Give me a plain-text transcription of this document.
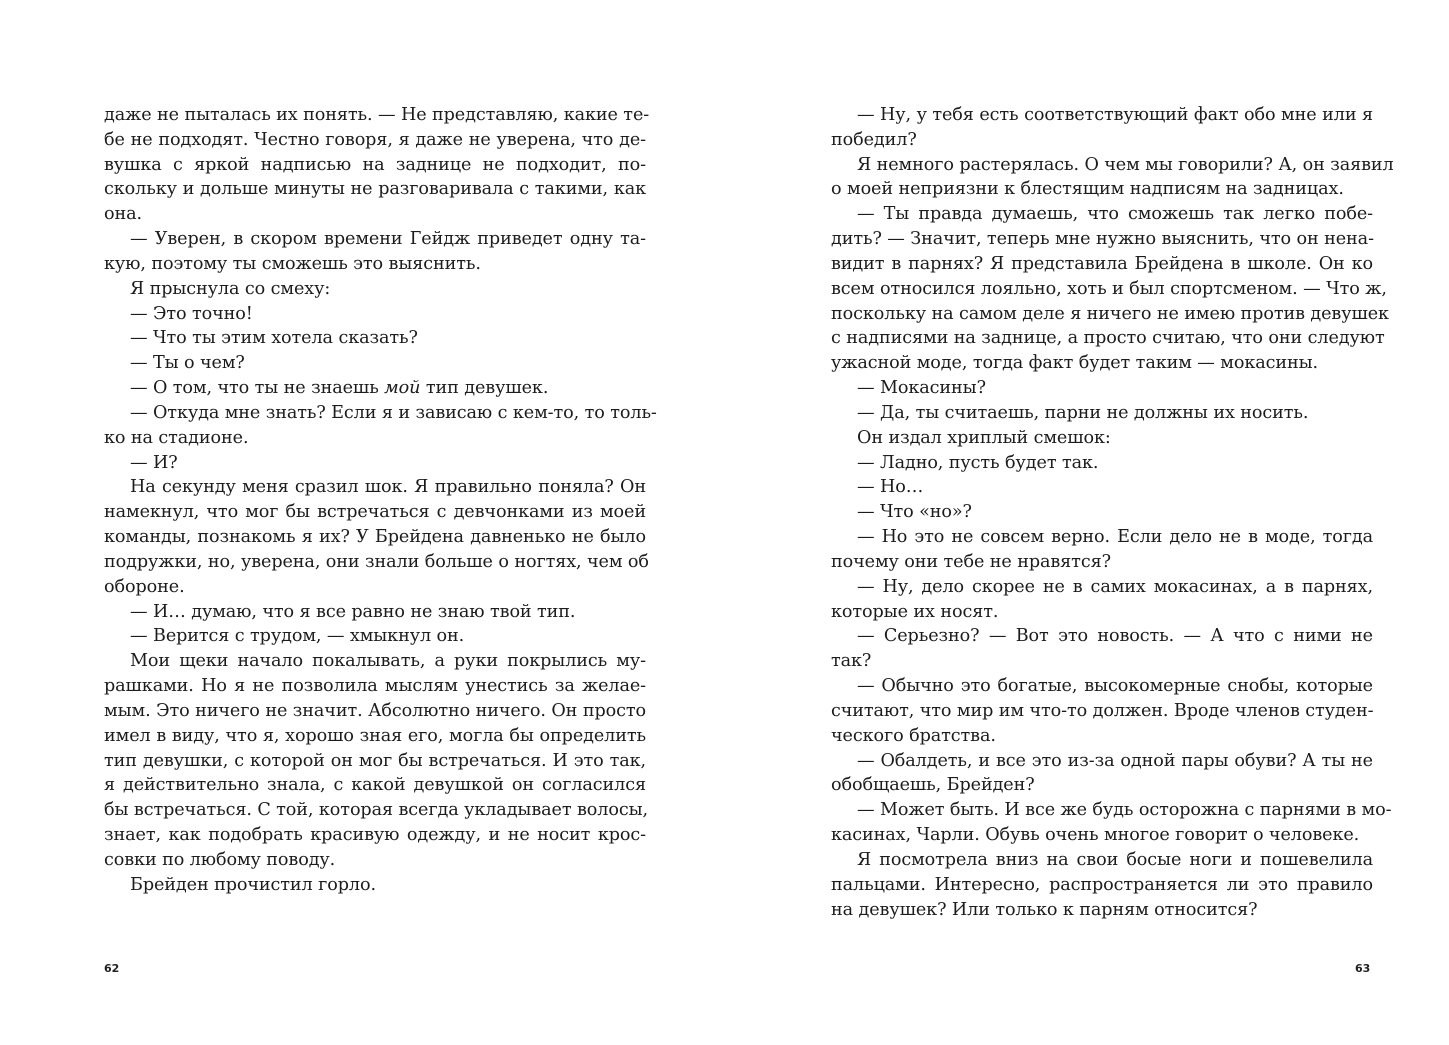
даже не пыталась их понять. — Не представляю, какие те-
бе не подходят. Честно говоря, я даже не уверена, что де-
вушка с яркой надписью на заднице не подходит, по-
скольку и дольше минуты не разговаривала с такими, как
она.
— Уверен, в скором времени Гейдж приведет одну та-
кую, поэтому ты сможешь это выяснить.
Я прыснула со смеху:
— Это точно!
— Что ты этим хотела сказать?
— Ты о чем?
— О том, что ты не знаешь мой тип девушек.
— Откуда мне знать? Если я и зависаю с кем-то, то толь-
ко на стадионе.
— И?
На секунду меня сразил шок. Я правильно поняла? Он
намекнул, что мог бы встречаться с девчонками из моей
команды, познакомь я их? У Брейдена давненько не было
подружки, но, уверена, они знали больше о ногтях, чем об
обороне.
— И… думаю, что я все равно не знаю твой тип.
— Верится с трудом, — хмыкнул он.
Мои щеки начало покалывать, а руки покрылись му-
рашками. Но я не позволила мыслям унестись за желае-
мым. Это ничего не значит. Абсолютно ничего. Он просто
имел в виду, что я, хорошо зная его, могла бы определить
тип девушки, с которой он мог бы встречаться. И это так,
я действительно знала, с какой девушкой он согласился
бы встречаться. С той, которая всегда укладывает волосы,
знает, как подобрать красивую одежду, и не носит крос-
совки по любому поводу.
Брейден прочистил горло.
— Ну, у тебя есть соответствующий факт обо мне или я
победил?
Я немного растерялась. О чем мы говорили? А, он заявил
о моей неприязни к блестящим надписям на задницах.
— Ты правда думаешь, что сможешь так легко побе-
дить? — Значит, теперь мне нужно выяснить, что он нена-
видит в парнях? Я представила Брейдена в школе. Он ко
всем относился лояльно, хоть и был спортсменом. — Что ж,
поскольку на самом деле я ничего не имею против девушек
с надписями на заднице, а просто считаю, что они следуют
ужасной моде, тогда факт будет таким — мокасины.
— Мокасины?
— Да, ты считаешь, парни не должны их носить.
Он издал хриплый смешок:
— Ладно, пусть будет так.
— Но…
— Что «но»?
— Но это не совсем верно. Если дело не в моде, тогда
почему они тебе не нравятся?
— Ну, дело скорее не в самих мокасинах, а в парнях,
которые их носят.
— Серьезно? — Вот это новость. — А что с ними не
так?
— Обычно это богатые, высокомерные снобы, которые
считают, что мир им что-то должен. Вроде членов студен-
ческого братства.
— Обалдеть, и все это из-за одной пары обуви? А ты не
обобщаешь, Брейден?
— Может быть. И все же будь осторожна с парнями в мо-
касинах, Чарли. Обувь очень многое говорит о человеке.
Я посмотрела вниз на свои босые ноги и пошевелила
пальцами. Интересно, распространяется ли это правило
на девушек? Или только к парням относится?
62	63
